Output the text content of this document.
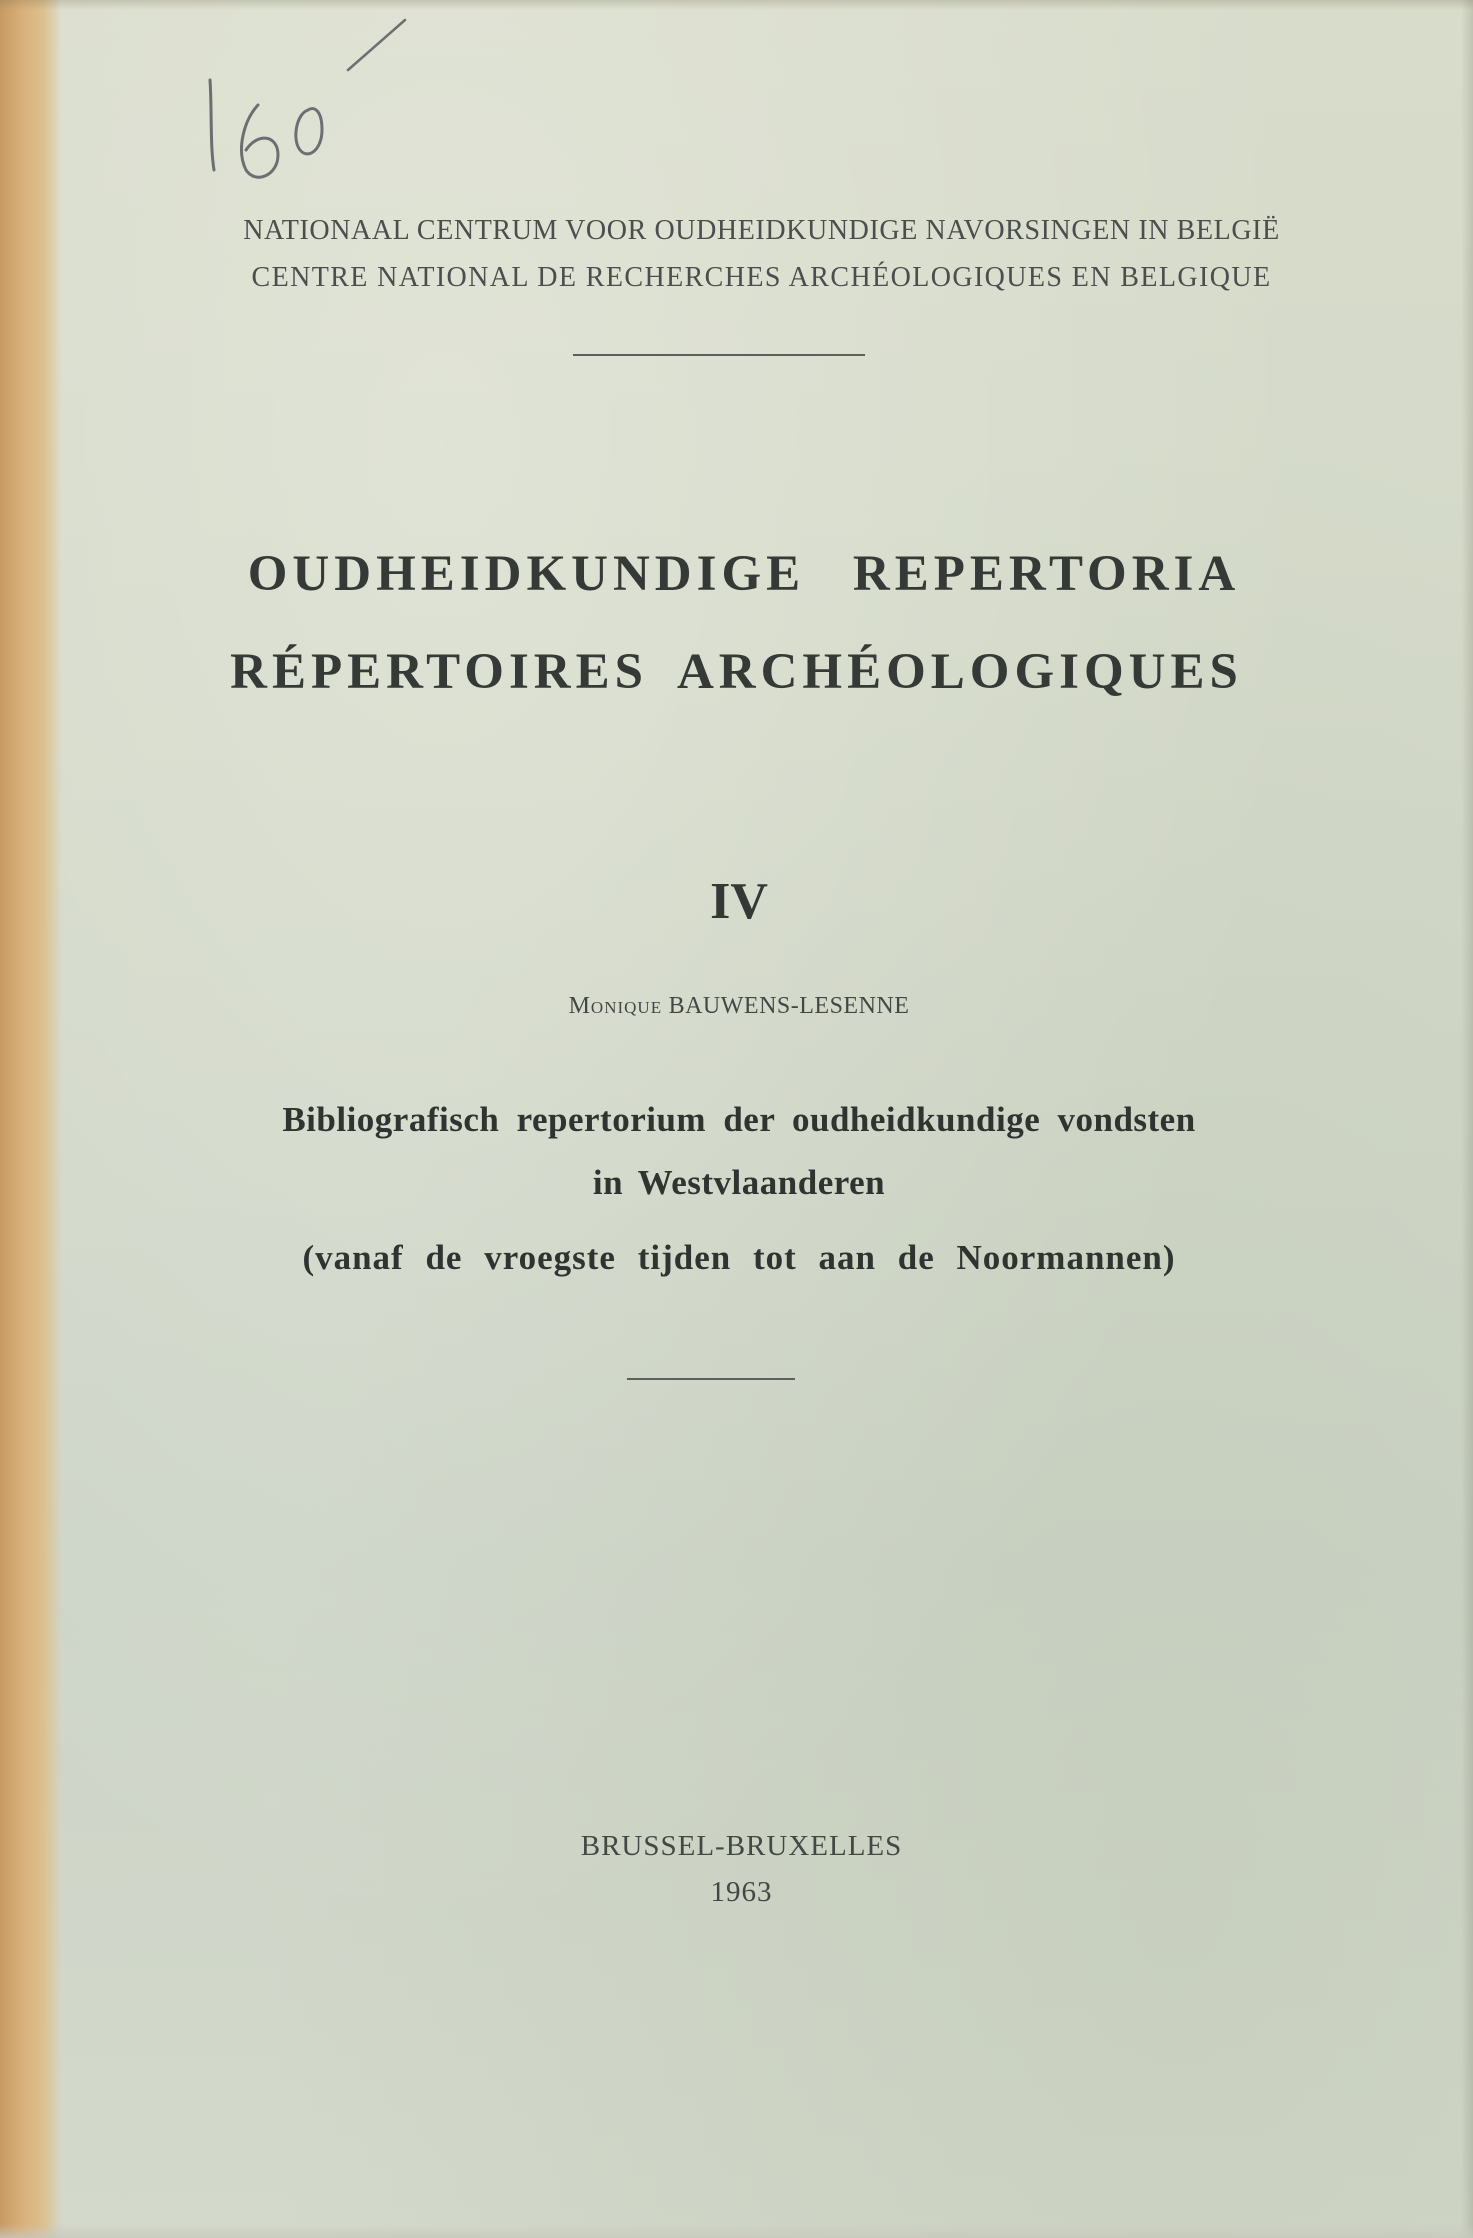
NATIONAAL CENTRUM VOOR OUDHEIDKUNDIGE NAVORSINGEN IN BELGIË
CENTRE NATIONAL DE RECHERCHES ARCHÉOLOGIQUES EN BELGIQUE
OUDHEIDKUNDIGE REPERTORIA
RÉPERTOIRES ARCHÉOLOGIQUES
IV
Monique BAUWENS-LESENNE
Bibliografisch repertorium der oudheidkundige vondsten
in Westvlaanderen
(vanaf de vroegste tijden tot aan de Noormannen)
BRUSSEL-BRUXELLES
1963
